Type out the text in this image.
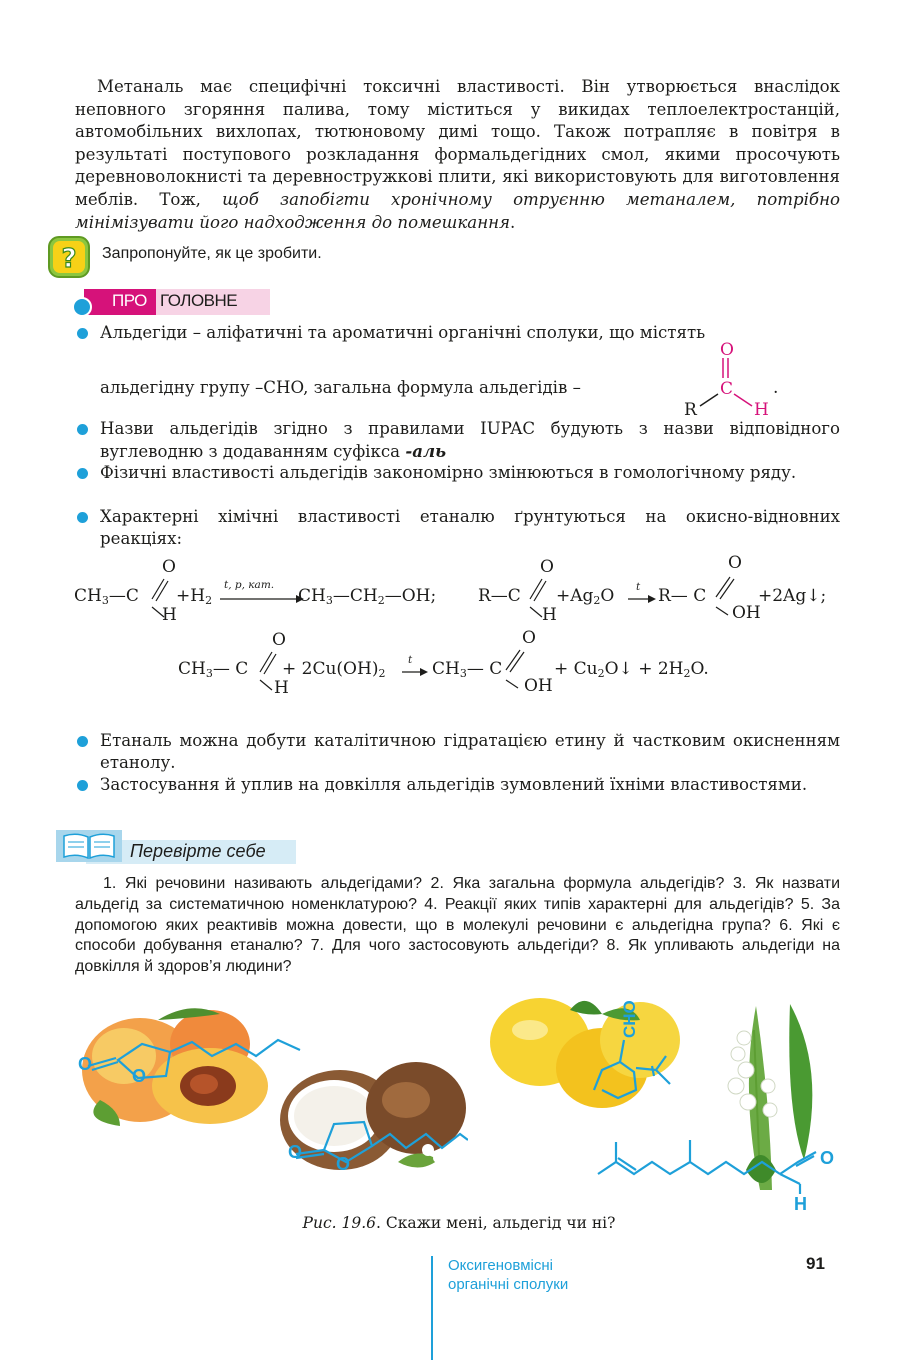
Метаналь має специфічні токсичні властивості. Він утворюється внаслідок неповного згоряння палива, тому міститься у викидах теплоелектростанцій, автомобільних вихлопах, тютюновому димі тощо. Також потрапляє в повітря в результаті поступового розкладання формальдегідних смол, якими просочують деревноволокнисті та деревностружкові плити, які використовують для виготовлення меблів. Тож, щоб запобігти хронічному отруєнню метаналем, потрібно мінімізувати його надходження до помешкання.
? Запропонуйте, як це зробити.
ПРО ГОЛОВНЕ
Альдегіди – аліфатичні та ароматичні органічні сполуки, що містять
альдегідну групу –CHO, загальна формула альдегідів –
O
C
R	H
.
Назви альдегідів згідно з правилами IUPAC будують з назви відповідного вуглеводню з додаванням суфікса -аль
Фізичні властивості альдегідів закономірно змінюються в гомологічному ряду.
Характерні хімічні властивості етаналю ґрунтуються на окисно-відновних реакціях:
O
$CH_3—C$
H
$+H_2$
t, p, кат.
$CH_3—CH_2—OH$;
O
R—C
H
$+Ag_2O$ t R— C
O
OH
+2Ag↓;
O
$CH_3—$ C
H
+ $2Cu(OH)_2$
t $CH_3—$ C
O
OH
+ $Cu_2O↓ + 2H_2O$.
Етаналь можна добути каталітичною гідратацією етину й частковим окисненням етанолу.
Застосування й уплив на довкілля альдегідів зумовлений їхніми властивостями.
Перевірте себе
1. Які речовини називають альдегідами? 2. Яка загальна формула альдегідів? 3. Як назвати альдегід за систематичною номенклатурою? 4. Реакції яких типів характерні для альдегідів? 5. За допомогою яких реактивів можна довести, що в молекулі речовини є альдегідна група? 6. Які є способи добування етаналю? 7. Для чого застосовують альдегіди? 8. Як упливають альдегіди на довкілля й здоров’я людини?
O
O
O
O
CHO
O
H
Рис. 19.6. Скажи мені, альдегід чи ні?
Оксигеновмісні
органічні сполуки
91
